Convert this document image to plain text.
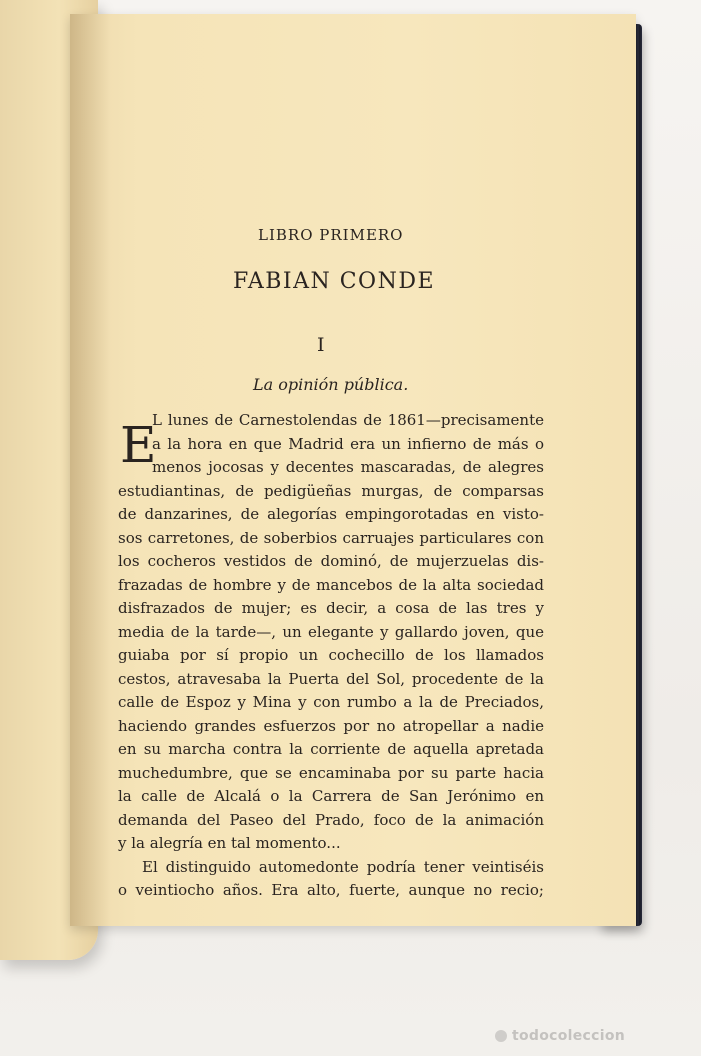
LIBRO PRIMERO
FABIAN CONDE
I
La opinión pública.
E
L lunes de Carnestolendas de 1861—precisamente
a la hora en que Madrid era un infierno de más o
menos jocosas y decentes mascaradas, de alegres
estudiantinas, de pedigüeñas murgas, de comparsas
de danzarines, de alegorías empingorotadas en visto-
sos carretones, de soberbios carruajes particulares con
los cocheros vestidos de dominó, de mujerzuelas dis-
frazadas de hombre y de mancebos de la alta sociedad
disfrazados de mujer; es decir, a cosa de las tres y
media de la tarde—, un elegante y gallardo joven, que
guiaba por sí propio un cochecillo de los llamados
cestos, atravesaba la Puerta del Sol, procedente de la
calle de Espoz y Mina y con rumbo a la de Preciados,
haciendo grandes esfuerzos por no atropellar a nadie
en su marcha contra la corriente de aquella apretada
muchedumbre, que se encaminaba por su parte hacia
la calle de Alcalá o la Carrera de San Jerónimo en
demanda del Paseo del Prado, foco de la animación
y la alegría en tal momento...
El distinguido automedonte podría tener veintiséis
o veintiocho años. Era alto, fuerte, aunque no recio;
todocoleccion
